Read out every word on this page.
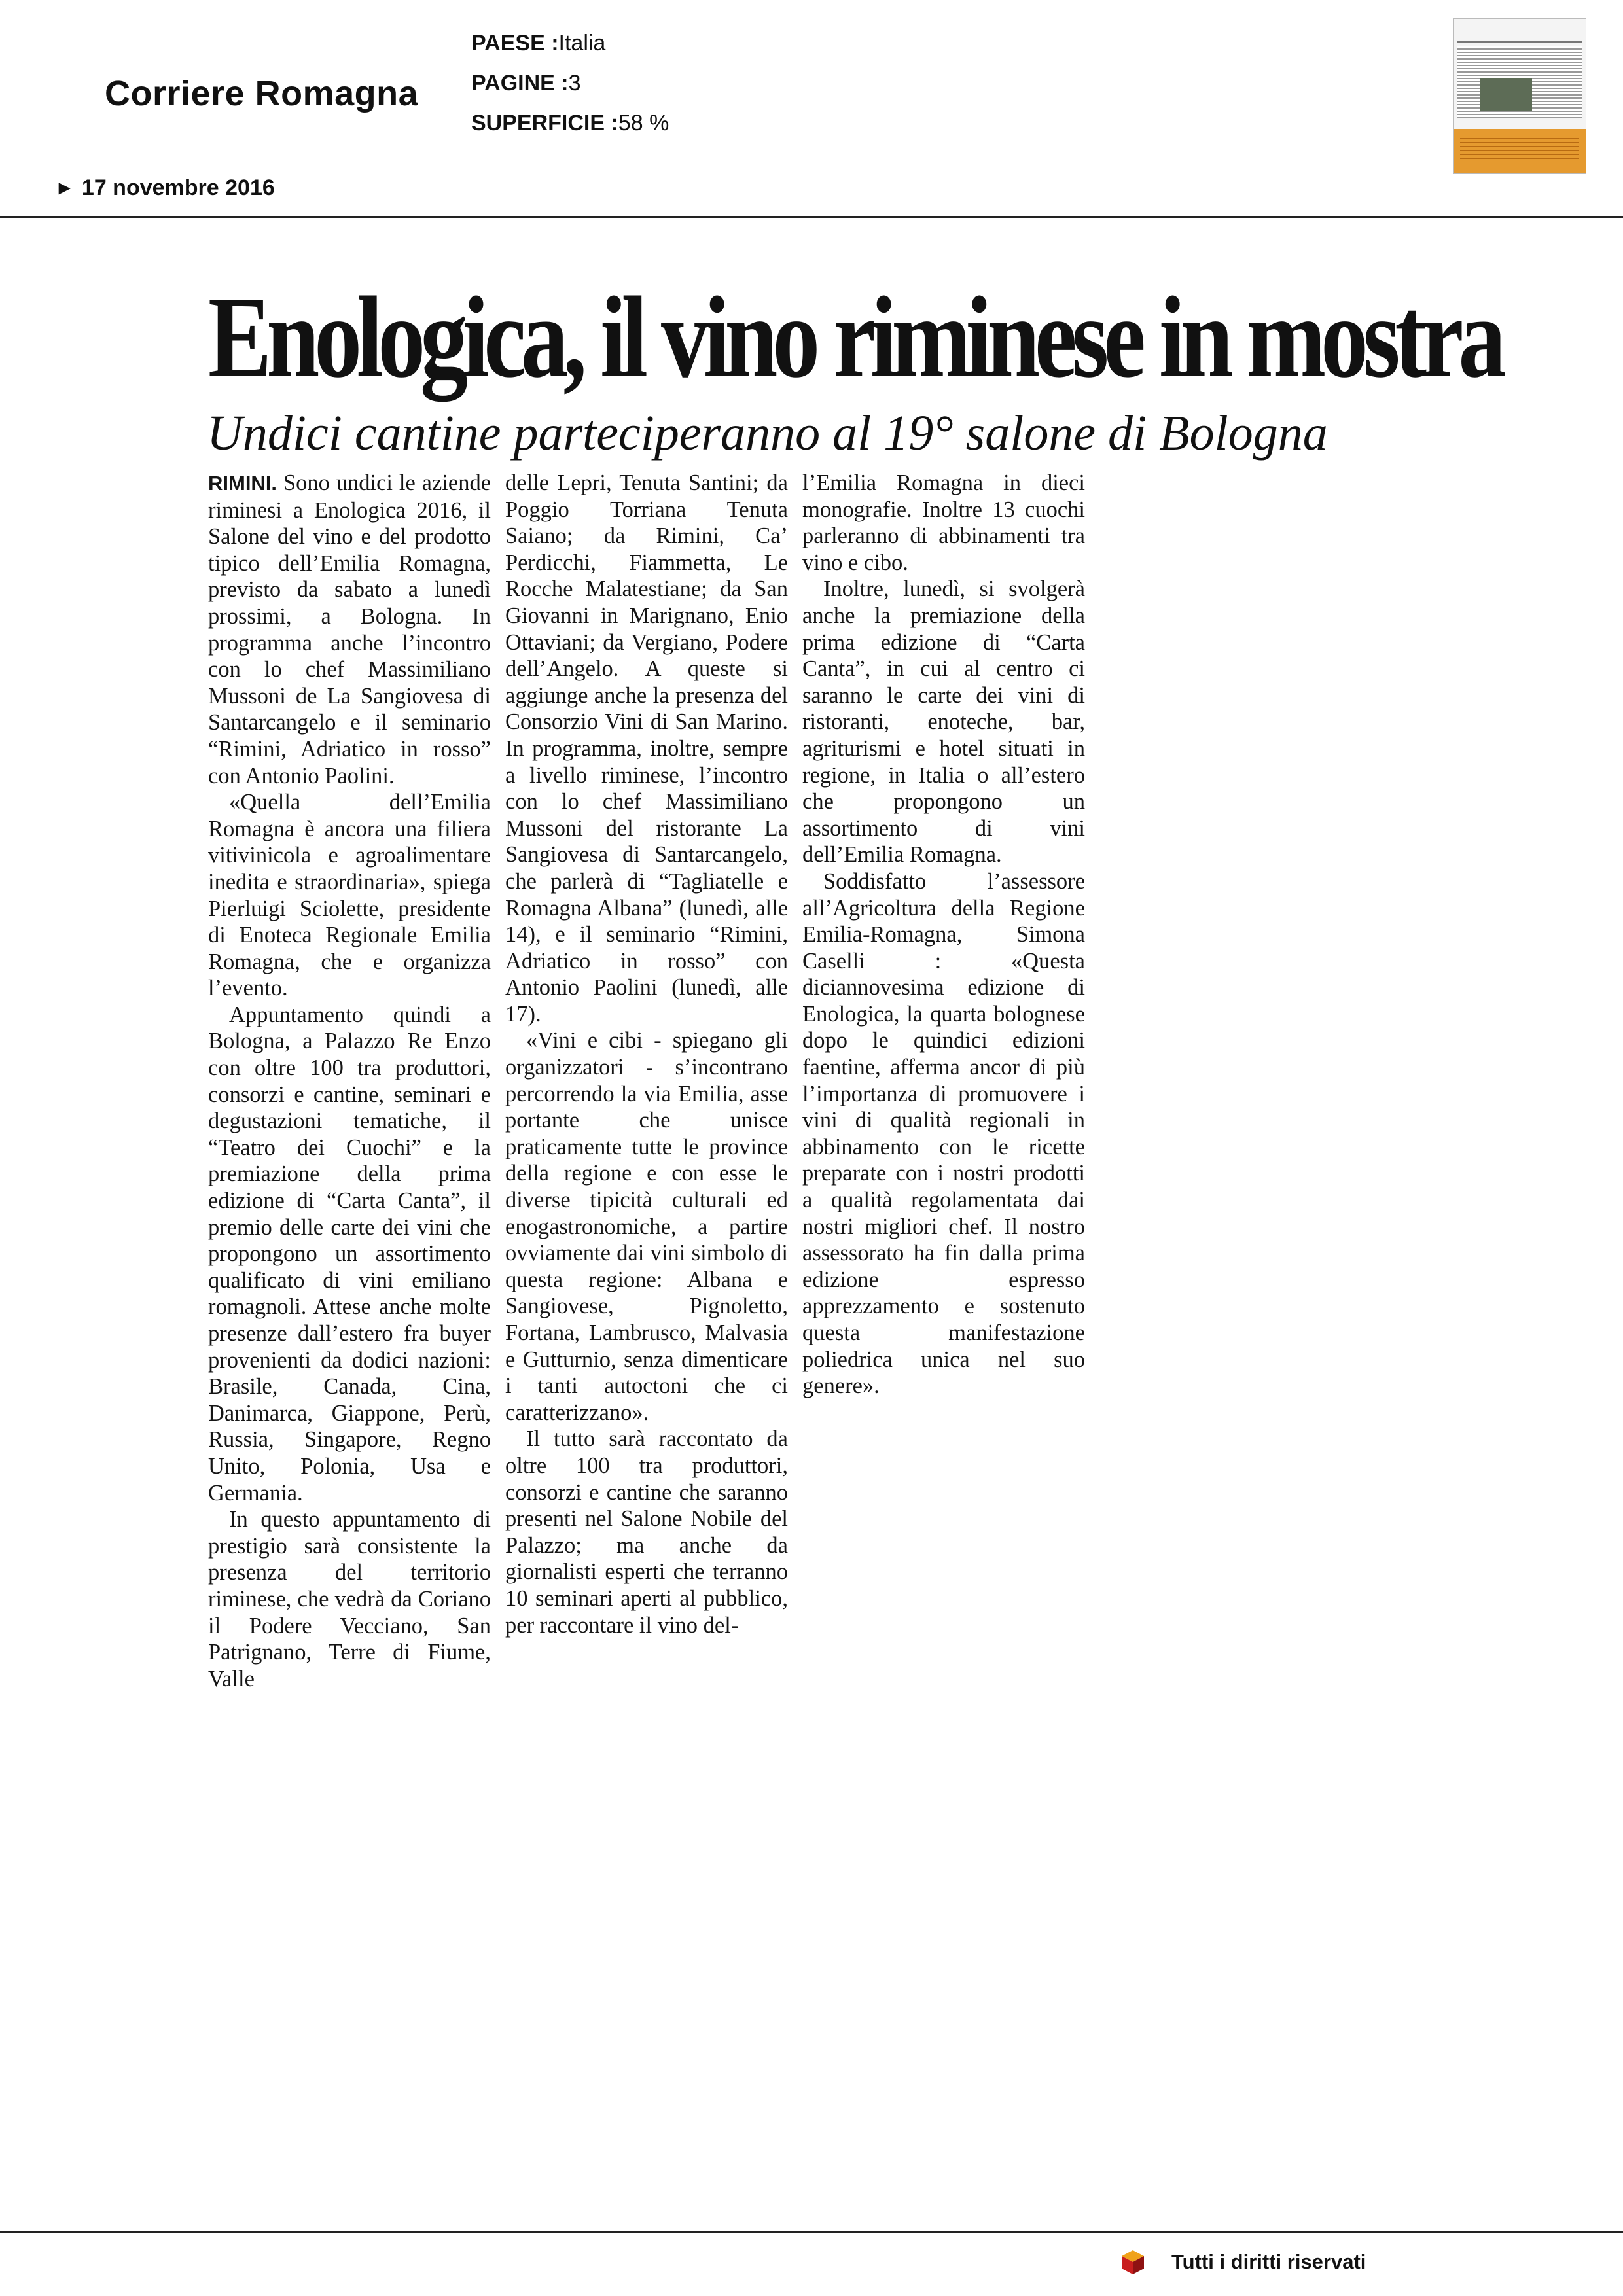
Corriere Romagna
PAESE :Italia
PAGINE :3
SUPERFICIE :58 %
▶ 17 novembre 2016
Enologica, il vino riminese in mostra
Undici cantine parteciperanno al 19° salone di Bologna

RIMINI. Sono undici le aziende riminesi a Enologica 2016, il Salone del vino e del prodotto tipico dell’Emilia Romagna, previsto da sabato a lunedì prossimi, a Bologna. In programma anche l’incontro con lo chef Massimiliano Mussoni de La Sangiovesa di Santarcangelo e il seminario “Rimini, Adriatico in rosso” con Antonio Paolini.

«Quella dell’Emilia Romagna è ancora una filiera vitivinicola e agroalimentare inedita e straordinaria», spiega Pierluigi Sciolette, presidente di Enoteca Regionale Emilia Romagna, che e organizza l’evento.

Appuntamento quindi a Bologna, a Palazzo Re Enzo con oltre 100 tra produttori, consorzi e cantine, seminari e degustazioni tematiche, il “Teatro dei Cuochi” e la premiazione della prima edizione di “Carta Canta”, il premio delle carte dei vini che propongono un assortimento qualificato di vini emiliano romagnoli. Attese anche molte presenze dall’estero fra buyer provenienti da dodici nazioni: Brasile, Canada, Cina, Danimarca, Giappone, Perù, Russia, Singapore, Regno Unito, Polonia, Usa e Germania.

In questo appuntamento di prestigio sarà consistente la presenza del territorio riminese, che vedrà da Coriano il Podere Vecciano, San Patrignano, Terre di Fiume, Valle

delle Lepri, Tenuta Santini; da Poggio Torriana Tenuta Saiano; da Rimini, Ca’ Perdicchi, Fiammetta, Le Rocche Malatestiane; da San Giovanni in Marignano, Enio Ottaviani; da Vergiano, Podere dell’Angelo. A queste si aggiunge anche la presenza del Consorzio Vini di San Marino. In programma, inoltre, sempre a livello riminese, l’incontro con lo chef Massimiliano Mussoni del ristorante La Sangiovesa di Santarcangelo, che parlerà di “Tagliatelle e Romagna Albana” (lunedì, alle 14), e il seminario “Rimini, Adriatico in rosso” con Antonio Paolini (lunedì, alle 17).

«Vini e cibi - spiegano gli organizzatori - s’incontrano percorrendo la via Emilia, asse portante che unisce praticamente tutte le province della regione e con esse le diverse tipicità culturali ed enogastronomiche, a partire ovviamente dai vini simbolo di questa regione: Albana e Sangiovese, Pignoletto, Fortana, Lambrusco, Malvasia e Gutturnio, senza dimenticare i tanti autoctoni che ci caratterizzano».

Il tutto sarà raccontato da oltre 100 tra produttori, consorzi e cantine che saranno presenti nel Salone Nobile del Palazzo; ma anche da giornalisti esperti che terranno 10 seminari aperti al pubblico, per raccontare il vino del-

l’Emilia Romagna in dieci monografie. Inoltre 13 cuochi parleranno di abbinamenti tra vino e cibo.

Inoltre, lunedì, si svolgerà anche la premiazione della prima edizione di “Carta Canta”, in cui al centro ci saranno le carte dei vini di ristoranti, enoteche, bar, agriturismi e hotel situati in regione, in Italia o all’estero che propongono un assortimento di vini dell’Emilia Romagna.

Soddisfatto l’assessore all’Agricoltura della Regione Emilia-Romagna, Simona Caselli : «Questa diciannovesima edizione di Enologica, la quarta bolognese dopo le quindici edizioni faentine, afferma ancor di più l’importanza di promuovere i vini di qualità regionali in abbinamento con le ricette preparate con i nostri prodotti a qualità regolamentata dai nostri migliori chef. Il nostro assessorato ha fin dalla prima edizione espresso apprezzamento e sostenuto questa manifestazione poliedrica unica nel suo genere».

Tutti i diritti riservati
